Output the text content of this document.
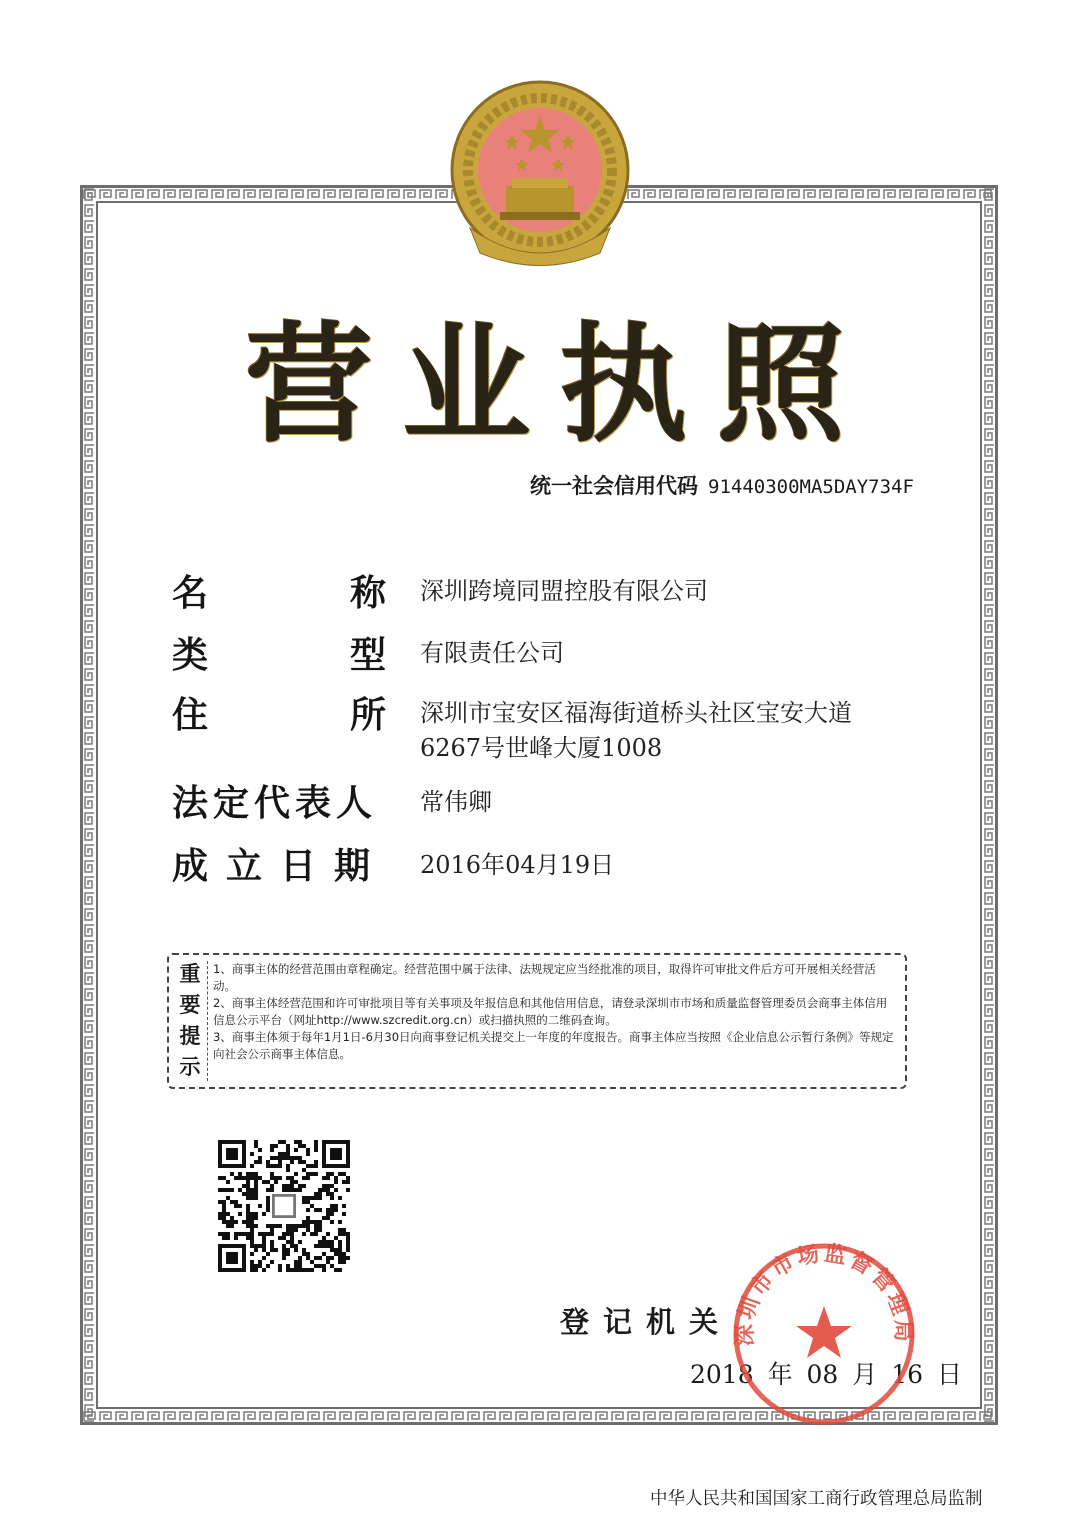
营 业 执 照
统一社会信用代码 91440300MA5DAY734F
名	称 深圳跨境同盟控股有限公司
类	型 有限责任公司
住	所 深圳市宝安区福海街道桥头社区宝安大道
6267号世峰大厦1008
法定代表人 常伟卿
成立日期 2016年04月19日
重
要
提
示

1、商事主体的经营范围由章程确定。经营范围中属于法律、法规规定应当经批准的项目，取得许可审批文件后方可开展相关经营活动。

2、商事主体经营范围和许可审批项目等有关事项及年报信息和其他信用信息，请登录深圳市市场和质量监督管理委员会商事主体信用信息公示平台（网址http://www.szcredit.org.cn）或扫描执照的二维码查询。

3、商事主体须于每年1月1日-6月30日向商事登记机关提交上一年度的年度报告。商事主体应当按照《企业信息公示暂行条例》等规定向社会公示商事主体信息。

登记机关
2018 年 08 月 16 日
深圳市市场监督管理局
中华人民共和国国家工商行政管理总局监制
